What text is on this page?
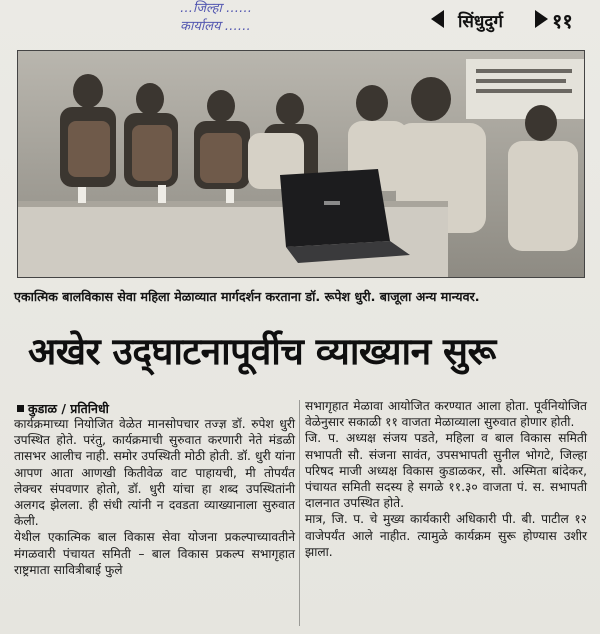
…जिल्हा ……
कार्यालय ……	सिंधुदुर्ग ११
एकात्मिक बालविकास सेवा महिला मेळाव्यात मार्गदर्शन करताना डॉ. रूपेश धुरी. बाजूला अन्य मान्यवर.
अखेर उद्‌घाटनापूर्वीच व्याख्यान सुरू
कुडाळ / प्रतिनिधी

कार्यक्रमाच्या नियोजित वेळेत मानसोपचार तज्ज्ञ डॉ. रुपेश धुरी उपस्थित होते. परंतु, कार्यक्रमाची सुरुवात करणारी नेते मंडळी तासभर आलीच नाही. समोर उपस्थिती मोठी होती. डॉ. धुरी यांना आपण आता आणखी कितीवेळ वाट पाहायची, मी तोपर्यंत लेक्चर संपवणार होतो, डॉ. धुरी यांचा हा शब्द उपस्थितांनी अलगद झेलला. ही संधी त्यांनी न दवडता व्याख्यानाला सुरुवात केली.

येथील एकात्मिक बाल विकास सेवा योजना प्रकल्पाच्यावतीने मंगळवारी पंचायत समिती – बाल विकास प्रकल्प सभागृहात राष्ट्रमाता सावित्रीबाई फुले

सभागृहात मेळावा आयोजित करण्यात आला होता. पूर्वनियोजित वेळेनुसार सकाळी ११ वाजता मेळाव्याला सुरुवात होणार होती.

जि. प. अध्यक्ष संजय पडते, महिला व बाल विकास समिती सभापती सौ. संजना सावंत, उपसभापती सुनील भोगटे, जिल्हा परिषद माजी अध्यक्ष विकास कुडाळकर, सौ. अस्मिता बांदेकर, पंचायत समिती सदस्य हे सगळे ११.३० वाजता पं. स. सभापती दालनात उपस्थित होते.

मात्र, जि. प. चे मुख्य कार्यकारी अधिकारी पी. बी. पाटील १२ वाजेपर्यंत आले नाहीत. त्यामुळे कार्यक्रम सुरू होण्यास उशीर झाला.
